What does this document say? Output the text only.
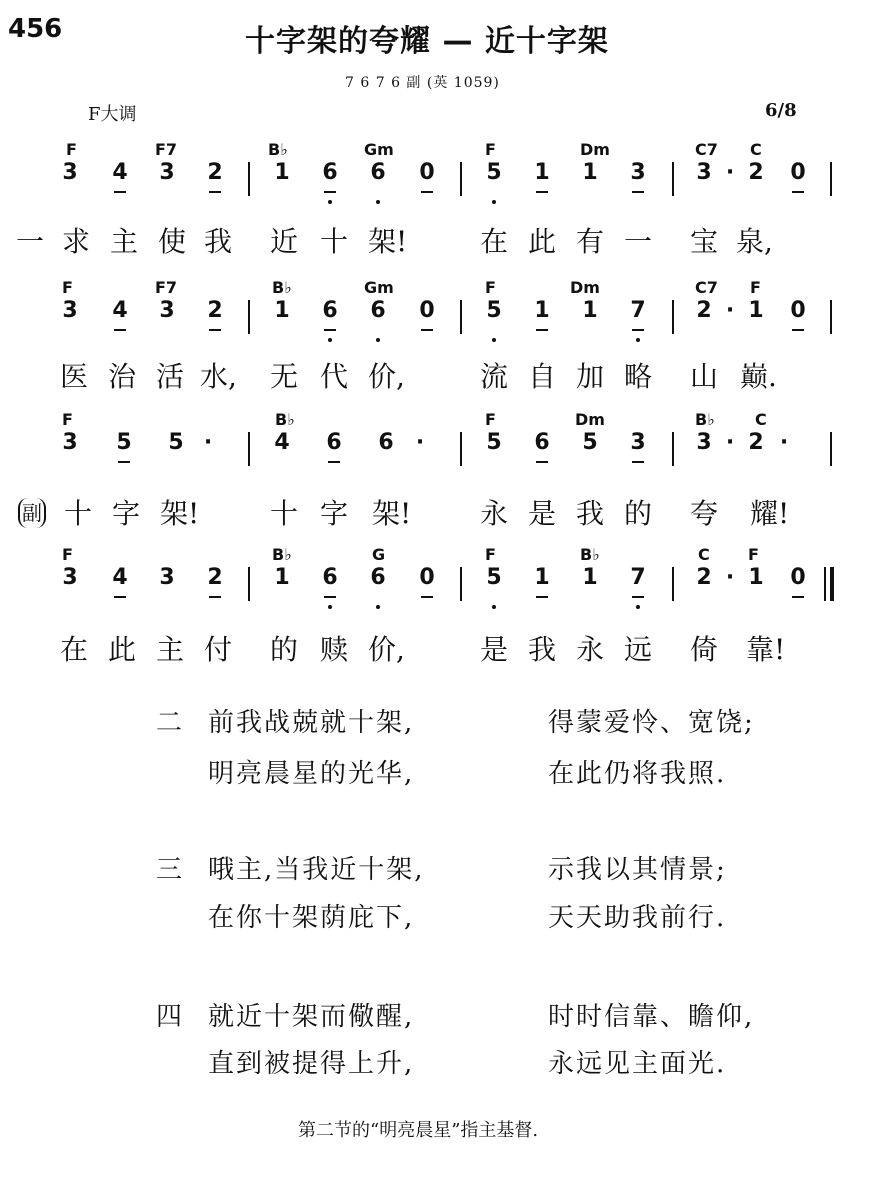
456	十字架的夸耀 — 近十字架
7 6 7 6 副 (英 1059)
F大调	6/8
F	F7	B♭	Gm	F	Dm	C7 C
3 4 3 2 1 6 6 0 5 1 1 3 3 · 2 0
一 求 主 使 我 近 十 架!	在 此 有 一 宝 泉,
F	F7	B♭	Gm	F	Dm	C7 F
3 4 3 2 1 6 6 0 5 1 1 7 2 · 1 0
医 治 活 水, 无 代 价,	流 自 加 略 山 巅.
F	B♭	F	Dm	B♭	C
3 5 5 ·	4 6 6	·	5 6 5 3 3 · 2 ·
副 十 字 架!	十 字 架! 永 是 我 的 夸 耀!
F	B♭	G	F	B♭	C F
3 4 3 2 1 6 6 0 5 1 1 7 2 · 1 0
在 此 主 付 的 赎 价,	是 我 永 远 倚 靠!
二 前我战兢就十架,	得蒙爱怜、宽饶;
明亮晨星的光华,	在此仍将我照.
三 哦主,当我近十架,	示我以其情景;
在你十架荫庇下,	天天助我前行.
四 就近十架而儆醒,	时时信靠、瞻仰,
直到被提得上升,	永远见主面光.
第二节的“明亮晨星”指主基督.
